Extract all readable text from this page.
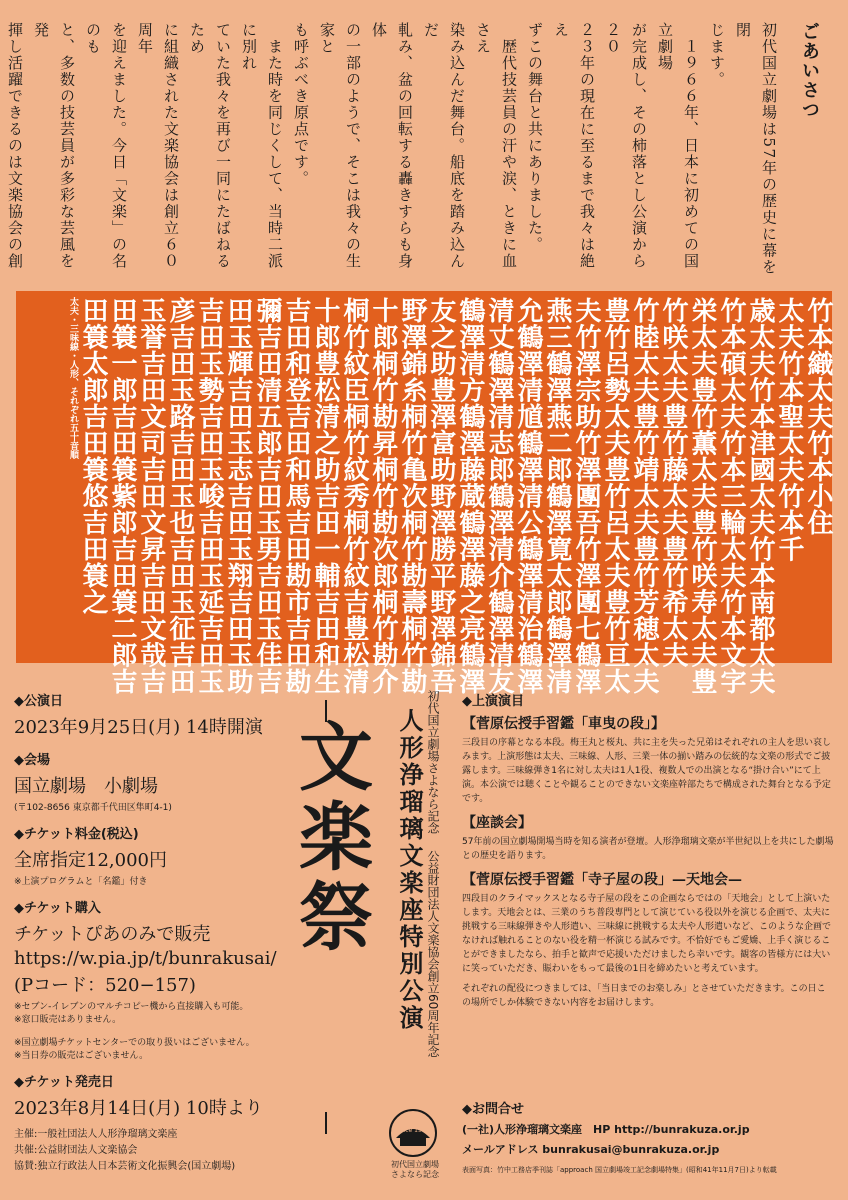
ごあいさつ

初代国立劇場は57年の歴史に幕を閉

じます。

　１９６６年、日本に初めての国立劇場

が完成し、その柿落とし公演から２０

２３年の現在に至るまで我々は絶え

ずこの舞台と共にありました。

　歴代技芸員の汗や涙、ときに血さえ

染み込んだ舞台。船底を踏み込んだ

軋み、盆の回転する轟きすらも身体

の一部のようで、そこは我々の生家と

も呼ぶべき原点です。

　また時を同じくして、当時二派に別れ

ていた我々を再び一同にたばねるため

に組織された文楽協会は創立６０周年

を迎えました。今日「文楽」の名のも

と、多数の技芸員が多彩な芸風を発

揮し活躍できるのは文楽協会の創

竹本織太夫竹本小住
太夫竹本聖太夫竹本千
歳太夫竹本津國太夫竹本南都太夫
竹本碩太夫竹本三輪太夫竹本文字
栄太夫豊竹薫太夫豊竹咲寿太夫豊
竹咲太夫豊竹藤太夫豊竹希太夫
竹睦太夫豊竹靖太夫豊竹芳穂太夫
豊竹呂勢太夫豊竹呂太夫豊竹亘太
夫竹澤宗助竹澤團吾竹澤團七鶴澤
燕三鶴澤燕二郎鶴澤寛太郎鶴澤清
允鶴澤清馗鶴澤清公鶴澤清治鶴澤
清丈鶴澤清志郎鶴澤清介鶴澤清友
鶴澤清方鶴澤藤蔵鶴澤藤之亮鶴澤
友之助豊澤富助野澤勝平野澤錦吾
野澤錦糸桐竹亀次桐竹勘壽桐竹勘
十郎桐竹勘昇桐竹勘次郎桐竹勘介
桐竹紋臣桐竹紋秀桐竹紋吉豊松清
十郎豊松清之助吉田一輔吉田和生
吉田和登吉田和馬吉田勘市吉田勘
彌吉田清五郎吉田玉男吉田玉佳吉
田玉輝吉田玉志吉田玉翔吉田玉助
吉田玉勢吉田玉峻吉田玉延吉田玉
彦吉田玉路吉田玉也吉田玉征吉田
玉誉吉田文司吉田文昇吉田文哉吉
田簑一郎吉田簑紫郎吉田簑二郎吉
田簑太郎吉田簑悠吉田簑之
太夫・三味線・人形、それぞれ五十音順

◆公演日

2023年9月25日(月) 14時開演

◆会場

国立劇場　小劇場

(〒102-8656 東京都千代田区隼町4-1)

◆チケット料金(税込)

全席指定12,000円

※上演プログラムと「名鑑」付き

◆チケット購入

チケットぴあのみで販売

https://w.pia.jp/t/bunrakusai/

(Pコード：520−157)

※セブン-イレブンのマルチコピー機から直接購入も可能。

※窓口販売はありません。

※国立劇場チケットセンターでの取り扱いはございません。

※当日券の販売はございません。

◆チケット発売日

2023年8月14日(月) 10時より

主催:一般社団法人人形浄瑠璃文楽座
共催:公益財団法人文楽協会
協賛:独立行政法人日本芸術文化振興会(国立劇場)
文楽祭	初代国立劇場さよなら記念
人形浄瑠璃文楽座特別公演 公益財団法人文楽協会創立60周年記念
since 1966
初代国立劇場
さよなら記念

◆上演演目

【菅原伝授手習鑑「車曳の段」】

三段目の序幕となる本段。梅王丸と桜丸、共に主を失った兄弟はそれぞれの主人を思い哀しみます。上演形態は太夫、三味線、人形、三業一体の揃い踏みの伝統的な文楽の形式でご披露します。三味線弾き1名に対し太夫は1人1役、複数人での出演となる“掛け合い”にて上演。本公演では聴くことや観ることのできない文楽座幹部たちで構成された舞台となる予定です。

【座談会】

57年前の国立劇場開場当時を知る演者が登壇。人形浄瑠璃文楽が半世紀以上を共にした劇場との歴史を語ります。

【菅原伝授手習鑑「寺子屋の段」—天地会—

四段目のクライマックスとなる寺子屋の段をこの企画ならではの「天地会」として上演いたします。天地会とは、三業のうち普段専門として演じている役以外を演じる企画で、太夫に挑戦する三味線弾きや人形遣い、三味線に挑戦する太夫や人形遣いなど、このような企画でなければ触れることのない役を精一杯演じる試みです。不恰好でもご愛嬌、上手く演じることができましたなら、拍手と歓声で応援いただけましたら幸いです。観客の皆様方には大いに笑っていただき、賑わいをもって最後の1日を締めたいと考えています。

それぞれの配役につきましては、「当日までのお楽しみ」とさせていただきます。この日この場所でしか体験できない内容をお届けします。

◆お問合せ

(一社)人形浄瑠璃文楽座　HP http://bunrakuza.or.jp

メールアドレス bunrakusai@bunrakuza.or.jp

表面写真：竹中工務店季刊誌「approach 国立劇場竣工記念劇場特集」(昭和41年11月7日)より転載
